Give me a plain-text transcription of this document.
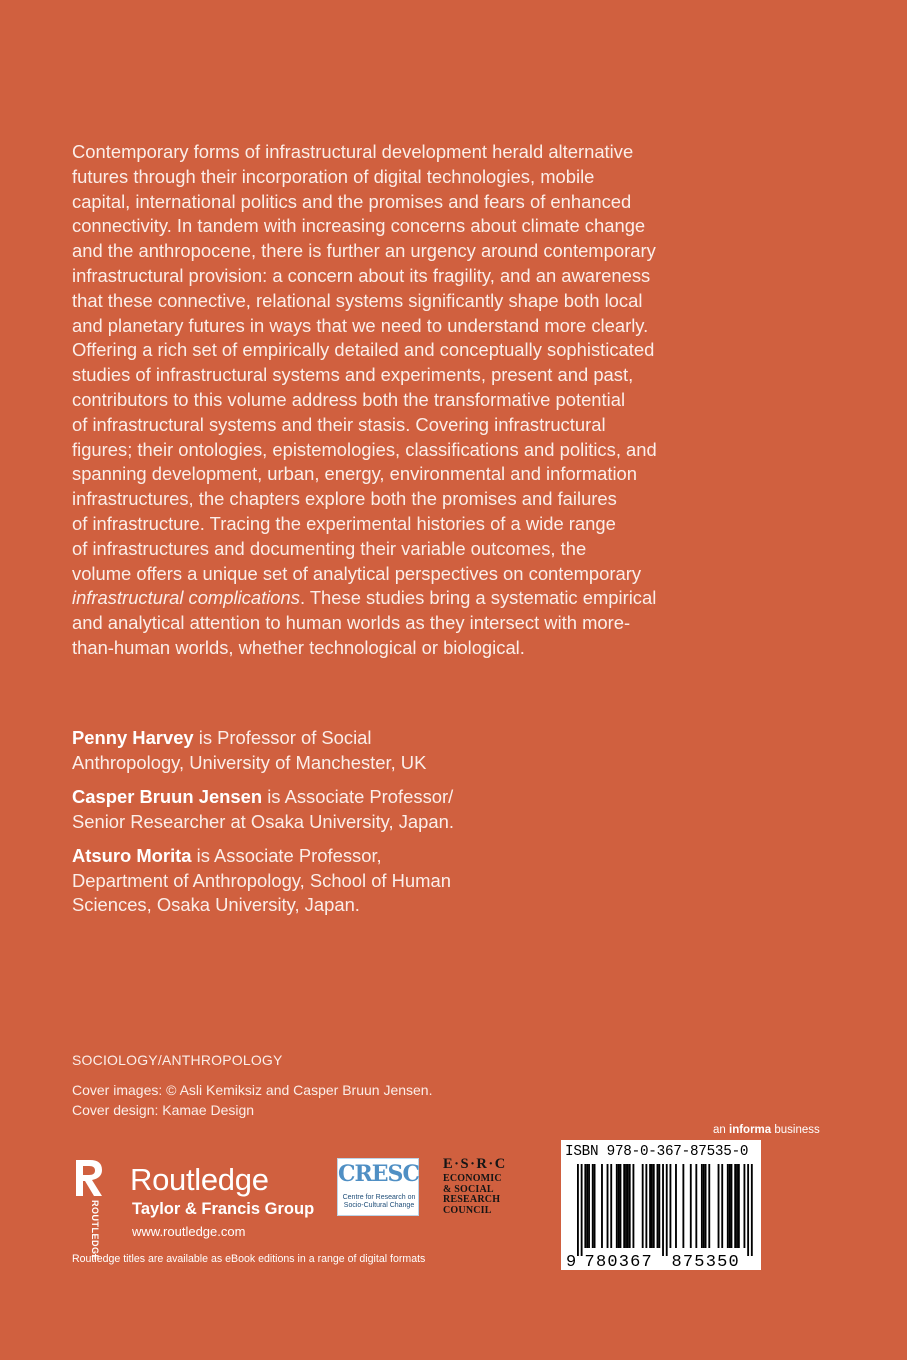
Contemporary forms of infrastructural development herald alternative
futures through their incorporation of digital technologies, mobile
capital, international politics and the promises and fears of enhanced
connectivity. In tandem with increasing concerns about climate change
and the anthropocene, there is further an urgency around contemporary
infrastructural provision: a concern about its fragility, and an awareness
that these connective, relational systems significantly shape both local
and planetary futures in ways that we need to understand more clearly.
Offering a rich set of empirically detailed and conceptually sophisticated
studies of infrastructural systems and experiments, present and past,
contributors to this volume address both the transformative potential
of infrastructural systems and their stasis. Covering infrastructural
figures; their ontologies, epistemologies, classifications and politics, and
spanning development, urban, energy, environmental and information
infrastructures, the chapters explore both the promises and failures
of infrastructure. Tracing the experimental histories of a wide range
of infrastructures and documenting their variable outcomes, the
volume offers a unique set of analytical perspectives on contemporary
infrastructural complications. These studies bring a systematic empirical
and analytical attention to human worlds as they intersect with more-
than-human worlds, whether technological or biological.
Penny Harvey is Professor of Social
Anthropology, University of Manchester, UK
Casper Bruun Jensen is Associate Professor/
Senior Researcher at Osaka University, Japan.
Atsuro Morita is Associate Professor,
Department of Anthropology, School of Human
Sciences, Osaka University, Japan.
SOCIOLOGY/ANTHROPOLOGY
Cover images: © Asli Kemiksiz and Casper Bruun Jensen.
Cover design: Kamae Design
ROUTLEDGE
Routledge
Taylor & Francis Group
www.routledge.com
CRESC
Centre for Research on
Socio-Cultural Change
E·S·R·C
ECONOMIC
& SOCIAL
RESEARCH
COUNCIL
Routledge titles are available as eBook editions in a range of digital formats
an informa business
ISBN 978-0-367-87535-0
9 780367 875350
